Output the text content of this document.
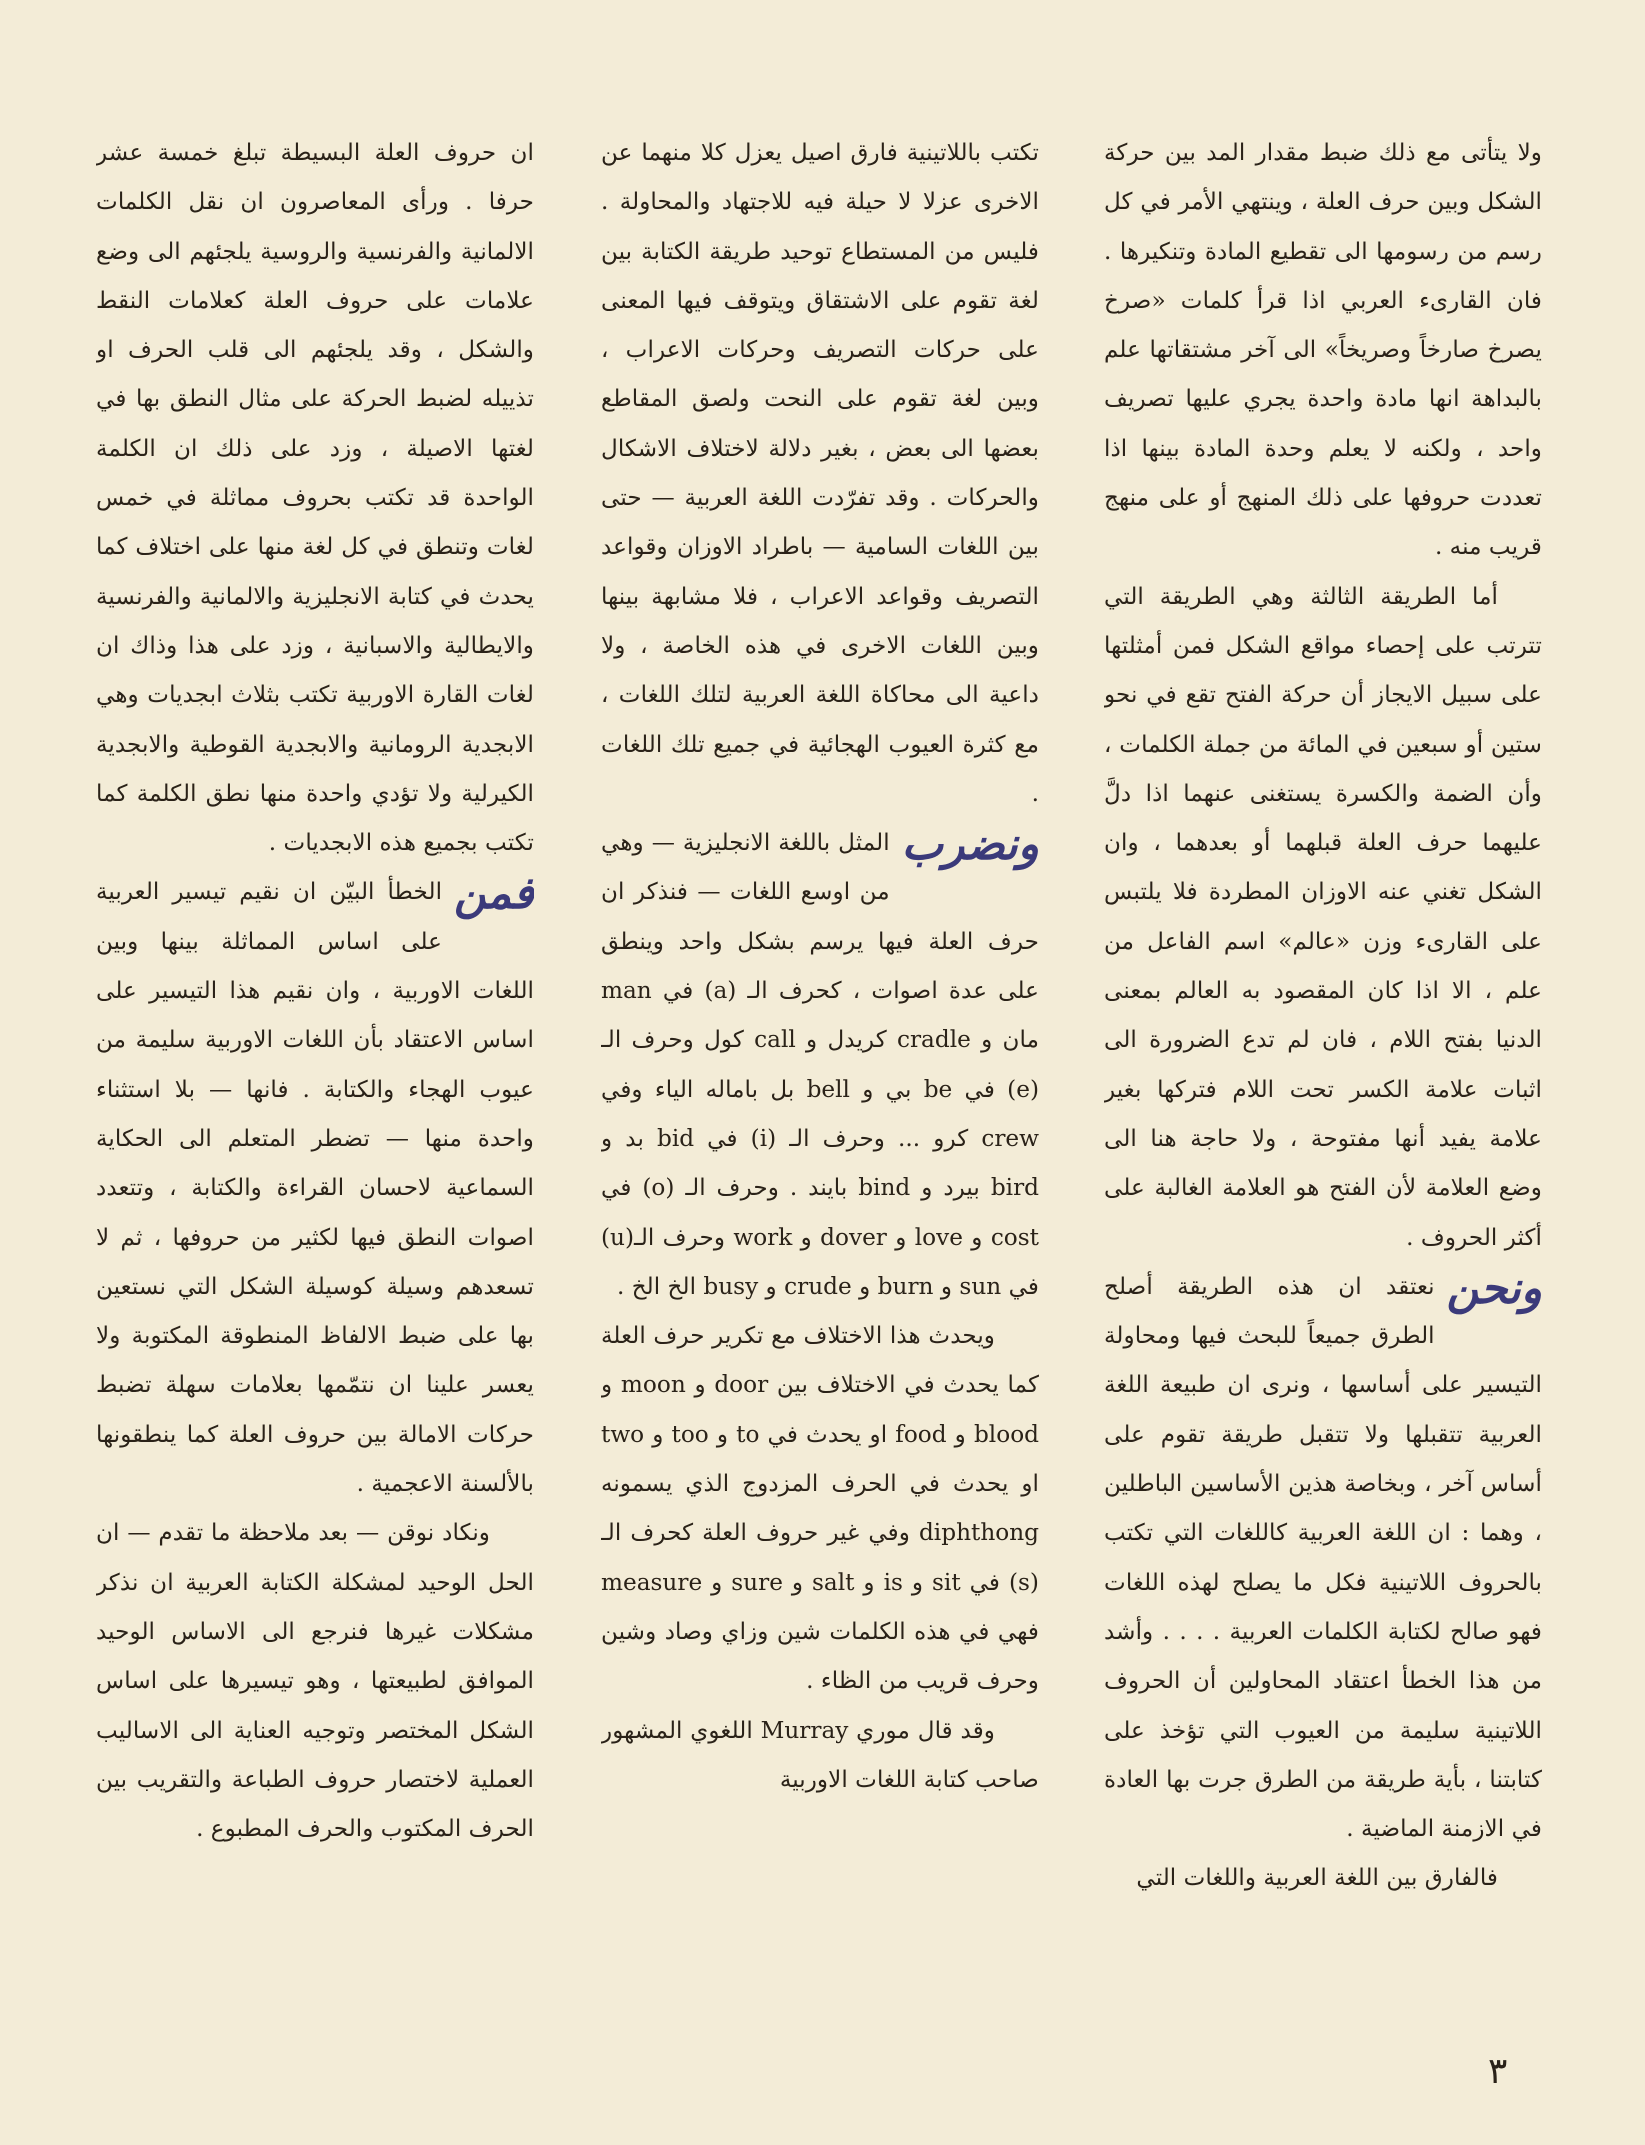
ولا يتأتى مع ذلك ضبط مقدار المد بين حركة الشكل وبين حرف العلة ، وينتهي الأمر في كل رسم من رسومها الى تقطيع المادة وتنكيرها . فان القارىء العربي اذا قرأ كلمات «صرخ يصرخ صارخاً وصريخاً» الى آخر مشتقاتها علم بالبداهة انها مادة واحدة يجري عليها تصريف واحد ، ولكنه لا يعلم وحدة المادة بينها اذا تعددت حروفها على ذلك المنهج أو على منهج قريب منه .

أما الطريقة الثالثة وهي الطريقة التي تترتب على إحصاء مواقع الشكل فمن أمثلتها على سبيل الايجاز أن حركة الفتح تقع في نحو ستين أو سبعين في المائة من جملة الكلمات ، وأن الضمة والكسرة يستغنى عنهما اذا دلَّ عليهما حرف العلة قبلهما أو بعدهما ، وان الشكل تغني عنه الاوزان المطردة فلا يلتبس على القارىء وزن «عالم» اسم الفاعل من علم ، الا اذا كان المقصود به العالم بمعنى الدنيا بفتح اللام ، فان لم تدع الضرورة الى اثبات علامة الكسر تحت اللام فتركها بغير علامة يفيد أنها مفتوحة ، ولا حاجة هنا الى وضع العلامة لأن الفتح هو العلامة الغالبة على أكثر الحروف .

ونحن
نعتقد ان هذه الطريقة أصلح الطرق جميعاً للبحث فيها ومحاولة التيسير على أساسها ، ونرى ان طبيعة اللغة العربية تتقبلها ولا تتقبل طريقة تقوم على أساس آخر ، وبخاصة هذين الأساسين الباطلين ، وهما : ان اللغة العربية كاللغات التي تكتب بالحروف اللاتينية فكل ما يصلح لهذه اللغات فهو صالح لكتابة الكلمات العربية . . . . وأشد من هذا الخطأ اعتقاد المحاولين أن الحروف اللاتينية سليمة من العيوب التي تؤخذ على كتابتنا ، بأية طريقة من الطرق جرت بها العادة في الازمنة الماضية .

فالفارق بين اللغة العربية واللغات التي

تكتب باللاتينية فارق اصيل يعزل كلا منهما عن الاخرى عزلا لا حيلة فيه للاجتهاد والمحاولة . فليس من المستطاع توحيد طريقة الكتابة بين لغة تقوم على الاشتقاق ويتوقف فيها المعنى على حركات التصريف وحركات الاعراب ، وبين لغة تقوم على النحت ولصق المقاطع بعضها الى بعض ، بغير دلالة لاختلاف الاشكال والحركات . وقد تفرّدت اللغة العربية — حتى بين اللغات السامية — باطراد الاوزان وقواعد التصريف وقواعد الاعراب ، فلا مشابهة بينها وبين اللغات الاخرى في هذه الخاصة ، ولا داعية الى محاكاة اللغة العربية لتلك اللغات ، مع كثرة العيوب الهجائية في جميع تلك اللغات .

ونضرب
المثل باللغة الانجليزية — وهي من اوسع اللغات — فنذكر ان حرف العلة فيها يرسم بشكل واحد وينطق على عدة اصوات ، كحرف الـ (a) في man مان و cradle كريدل و call كول وحرف الـ (e) في be بي و bell بل باماله الياء وفي crew كرو ... وحرف الـ (i) في bid بد و bird بيرد و bind بايند . وحرف الـ (o) في cost و love و dover و work وحرف الـ(u) في sun و burn و crude و busy الخ الخ .

ويحدث هذا الاختلاف مع تكرير حرف العلة كما يحدث في الاختلاف بين door و moon و blood و food او يحدث في to و too و two او يحدث في الحرف المزدوج الذي يسمونه diphthong وفي غير حروف العلة كحرف الـ (s) في sit و is و salt و sure و measure فهي في هذه الكلمات شين وزاي وصاد وشين وحرف قريب من الظاء .

وقد قال موري Murray اللغوي المشهور صاحب كتابة اللغات الاوربية

ان حروف العلة البسيطة تبلغ خمسة عشر حرفا . ورأى المعاصرون ان نقل الكلمات الالمانية والفرنسية والروسية يلجئهم الى وضع علامات على حروف العلة كعلامات النقط والشكل ، وقد يلجئهم الى قلب الحرف او تذييله لضبط الحركة على مثال النطق بها في لغتها الاصيلة ، وزد على ذلك ان الكلمة الواحدة قد تكتب بحروف مماثلة في خمس لغات وتنطق في كل لغة منها على اختلاف كما يحدث في كتابة الانجليزية والالمانية والفرنسية والايطالية والاسبانية ، وزد على هذا وذاك ان لغات القارة الاوربية تكتب بثلاث ابجديات وهي الابجدية الرومانية والابجدية القوطية والابجدية الكيرلية ولا تؤدي واحدة منها نطق الكلمة كما تكتب بجميع هذه الابجديات .

فمن
الخطأ البيّن ان نقيم تيسير العربية على اساس المماثلة بينها وبين اللغات الاوربية ، وان نقيم هذا التيسير على اساس الاعتقاد بأن اللغات الاوربية سليمة من عيوب الهجاء والكتابة . فانها — بلا استثناء واحدة منها — تضطر المتعلم الى الحكاية السماعية لاحسان القراءة والكتابة ، وتتعدد اصوات النطق فيها لكثير من حروفها ، ثم لا تسعدهم وسيلة كوسيلة الشكل التي نستعين بها على ضبط الالفاظ المنطوقة المكتوبة ولا يعسر علينا ان نتمّمها بعلامات سهلة تضبط حركات الامالة بين حروف العلة كما ينطقونها بالألسنة الاعجمية .

ونكاد نوقن — بعد ملاحظة ما تقدم — ان الحل الوحيد لمشكلة الكتابة العربية ان نذكر مشكلات غيرها فنرجع الى الاساس الوحيد الموافق لطبيعتها ، وهو تيسيرها على اساس الشكل المختصر وتوجيه العناية الى الاساليب العملية لاختصار حروف الطباعة والتقريب بين الحرف المكتوب والحرف المطبوع .

٣
